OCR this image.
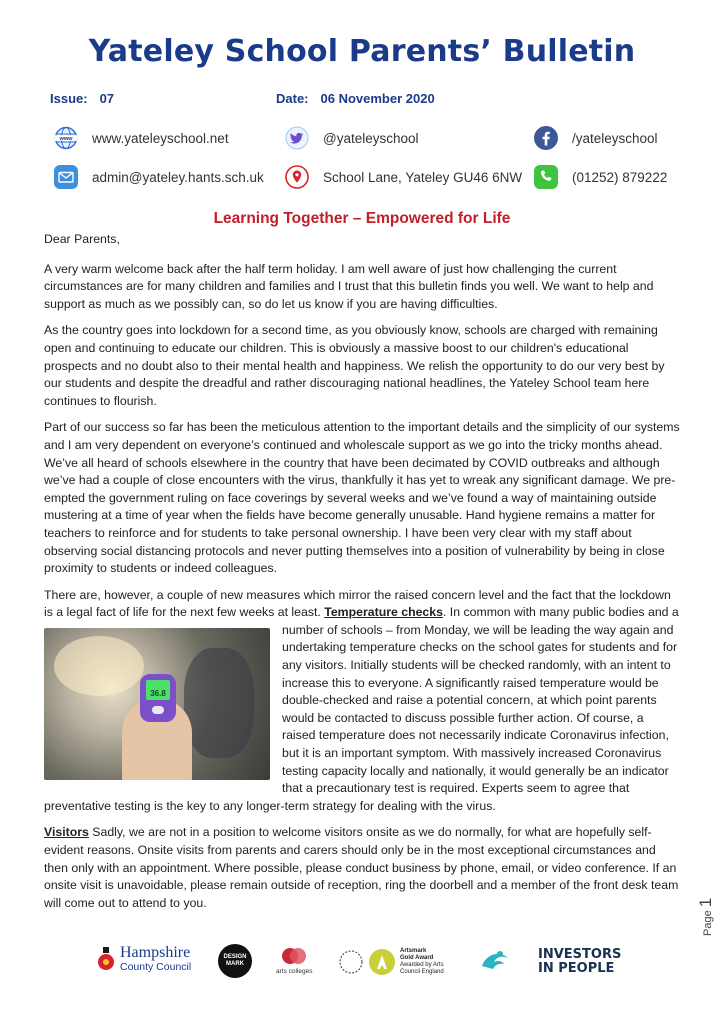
Yateley School Parents’ Bulletin
Issue: 07	Date: 06 November 2020
www www.yateleyschool.net	@yateleyschool	/yateleyschool
admin@yateley.hants.sch.uk	School Lane, Yateley GU46 6NW	(01252) 879222
Learning Together – Empowered for Life

Dear Parents,

A very warm welcome back after the half term holiday. I am well aware of just how challenging the current circumstances are for many children and families and I trust that this bulletin finds you well. We want to help and support as much as we possibly can, so do let us know if you are having difficulties.

As the country goes into lockdown for a second time, as you obviously know, schools are charged with remaining open and continuing to educate our children. This is obviously a massive boost to our children's educational prospects and no doubt also to their mental health and happiness. We relish the opportunity to do our very best by our students and despite the dreadful and rather discouraging national headlines, the Yateley School team here continues to flourish.

Part of our success so far has been the meticulous attention to the important details and the simplicity of our systems and I am very dependent on everyone’s continued and wholescale support as we go into the tricky months ahead. We’ve all heard of schools elsewhere in the country that have been decimated by COVID outbreaks and although we’ve had a couple of close encounters with the virus, thankfully it has yet to wreak any significant damage. We pre-empted the government ruling on face coverings by several weeks and we’ve found a way of maintaining outside mustering at a time of year when the fields have become generally unusable. Hand hygiene remains a matter for teachers to reinforce and for students to take personal ownership. I have been very clear with my staff about observing social distancing protocols and never putting themselves into a position of vulnerability by being in close proximity to students or indeed colleagues.

There are, however, a couple of new measures which mirror the raised concern level and the fact that the lockdown is a legal fact of life for the next few weeks at least. Temperature checks
36.8
. In common with many public bodies and a number of schools – from Monday, we will be leading the way again and undertaking temperature checks on the school gates for students and for any visitors. Initially students will be checked randomly, with an intent to increase this to everyone. A significantly raised temperature would be double-checked and raise a potential concern, at which point parents would be contacted to discuss possible further action. Of course, a raised temperature does not necessarily indicate Coronavirus infection, but it is an important symptom. With massively increased Coronavirus testing capacity locally and nationally, it would generally be an indicator that a precautionary test is required. Experts seem to agree that preventative testing is the key to any longer-term strategy for dealing with the virus.

Visitors Sadly, we are not in a position to welcome visitors onsite as we do normally, for what are hopefully self-evident reasons. Onsite visits from parents and carers should only be in the most exceptional circumstances and then only with an appointment. Where possible, please conduct business by phone, email, or video conference. If an onsite visit is unavoidable, please remain outside of reception, ring the doorbell and a member of the front desk team will come out to attend to you.

Page1
Hampshire
County Council
DESIGN MARK
arts colleges
Artsmark
Gold Award
Awarded by Arts Council England
INVESTORS
IN PEOPLE
